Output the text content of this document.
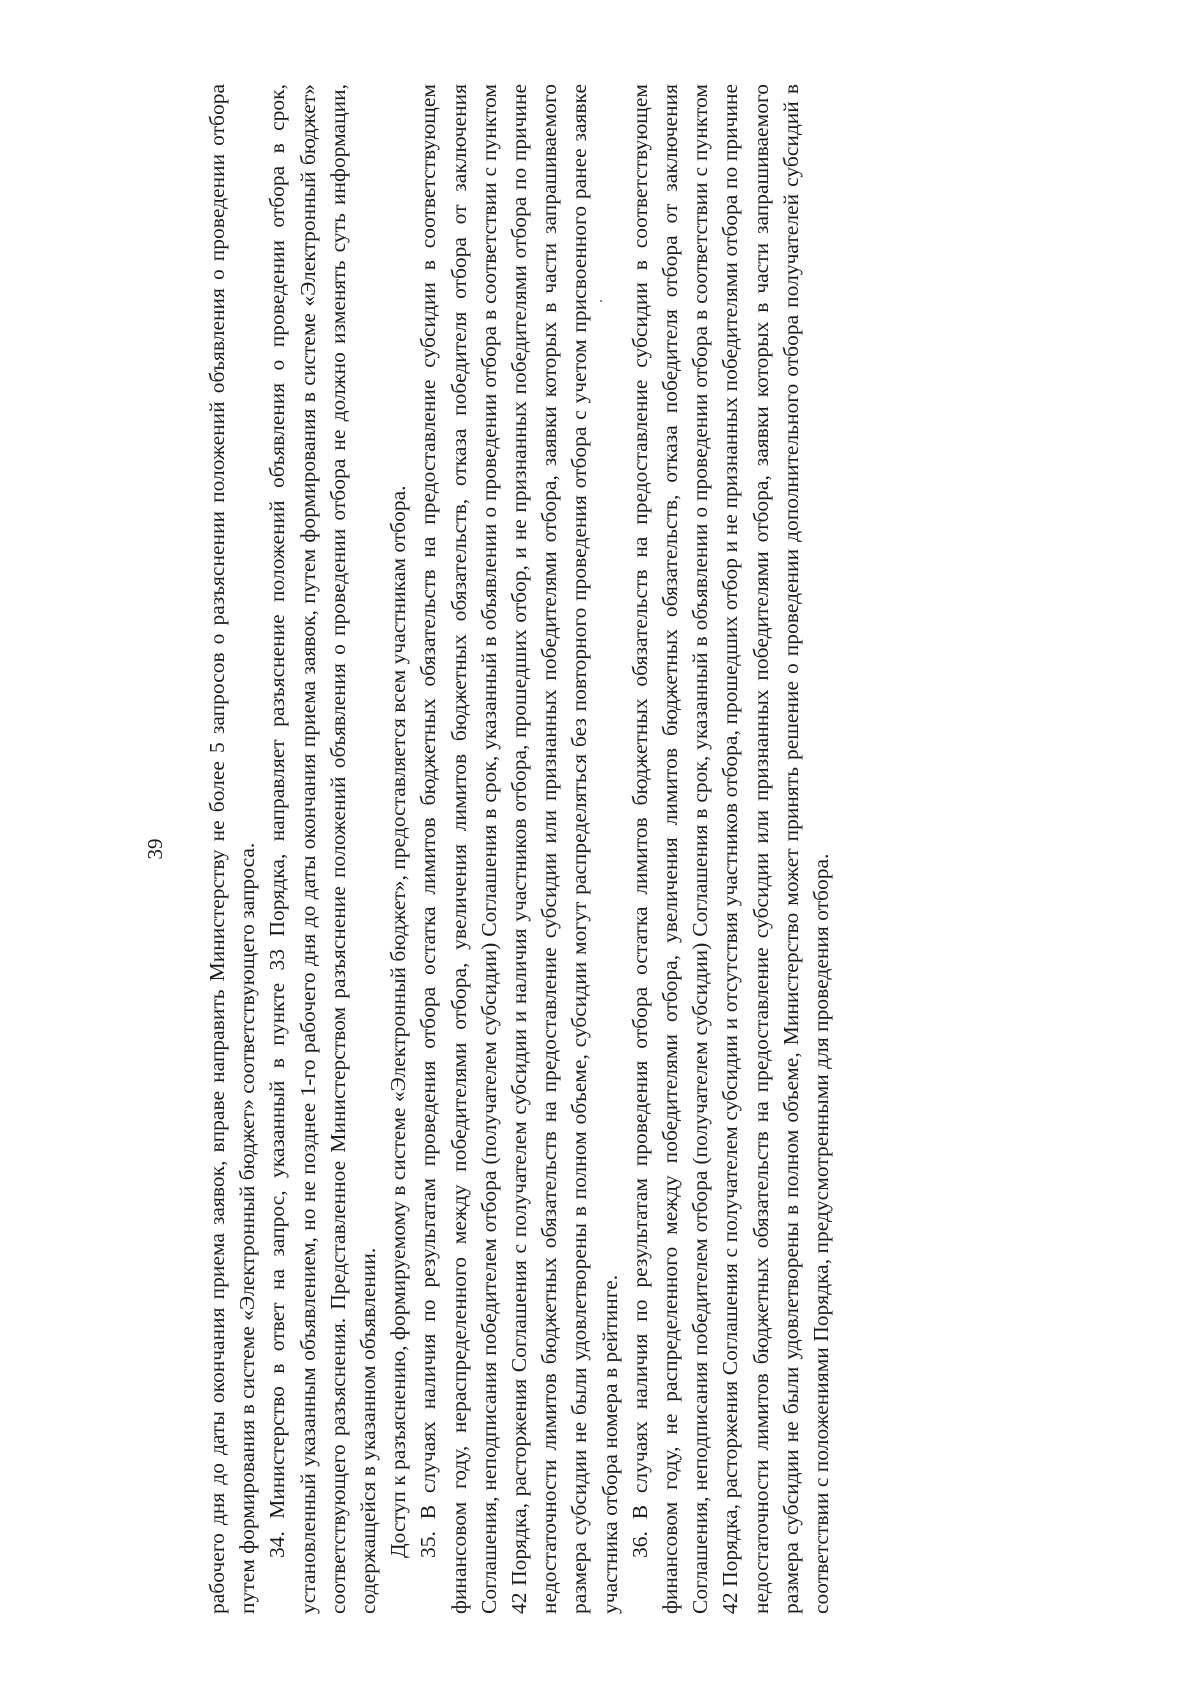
39 рабочего дня до даты окончания приема заявок, вправе направить Министерству не более 5 запросов о разъяснении положений объявления о проведении отбора путем формирования в системе «Электронный бюджет» соответствующего запроса. 34. Министерство в ответ на запрос, указанный в пункте 33 Порядка, направляет разъяснение положений объявления о проведении отбора в срок, установленный указанным объявлением, но не позднее 1-го рабочего дня до даты окончания приема заявок, путем формирования в системе «Электронный бюджет» соответствующего разъяснения. Представленное Министерством разъяснение положений объявления о проведении отбора не должно изменять суть информации, содержащейся в указанном объявлении. Доступ к разъяснению, формируемому в системе «Электронный бюджет», предоставляется всем участникам отбора. 35. В случаях наличия по результатам проведения отбора остатка лимитов бюджетных обязательств на предоставление субсидии в соответствующем финансовом году, нераспределенного между победителями отбора, увеличения лимитов бюджетных обязательств, отказа победителя отбора от заключения Соглашения, неподписания победителем отбора (получателем субсидии) Соглашения в срок, указанный в объявлении о проведении отбора в соответствии с пунктом 42 Порядка, расторжения Соглашения с получателем субсидии и наличия участников отбора, прошедших отбор, и не признанных победителями отбора по причине недостаточности лимитов бюджетных обязательств на предоставление субсидии или признанных победителями отбора, заявки которых в части запрашиваемого размера субсидии не были удовлетворены в полном объеме, субсидии могут распределяться без повторного проведения отбора с учетом присвоенного ранее заявке участника отбора номера в рейтинге. 36. В случаях наличия по результатам проведения отбора остатка лимитов бюджетных обязательств на предоставление субсидии в соответствующем финансовом году, не распределенного между победителями отбора, увеличения лимитов бюджетных обязательств, отказа победителя отбора от заключения Соглашения, неподписания победителем отбора (получателем субсидии) Соглашения в срок, указанный в объявлении о проведении отбора в соответствии с пунктом 42 Порядка, расторжения Соглашения с получателем субсидии и отсутствия участников отбора, прошедших отбор и не признанных победителями отбора по причине недостаточности лимитов бюджетных обязательств на предоставление субсидии или признанных победителями отбора, заявки которых в части запрашиваемого размера субсидии не были удовлетворены в полном объеме, Министерство может принять решение о проведении дополнительного отбора получателей субсидий в соответствии с положениями Порядка, предусмотренными для проведения отбора.
